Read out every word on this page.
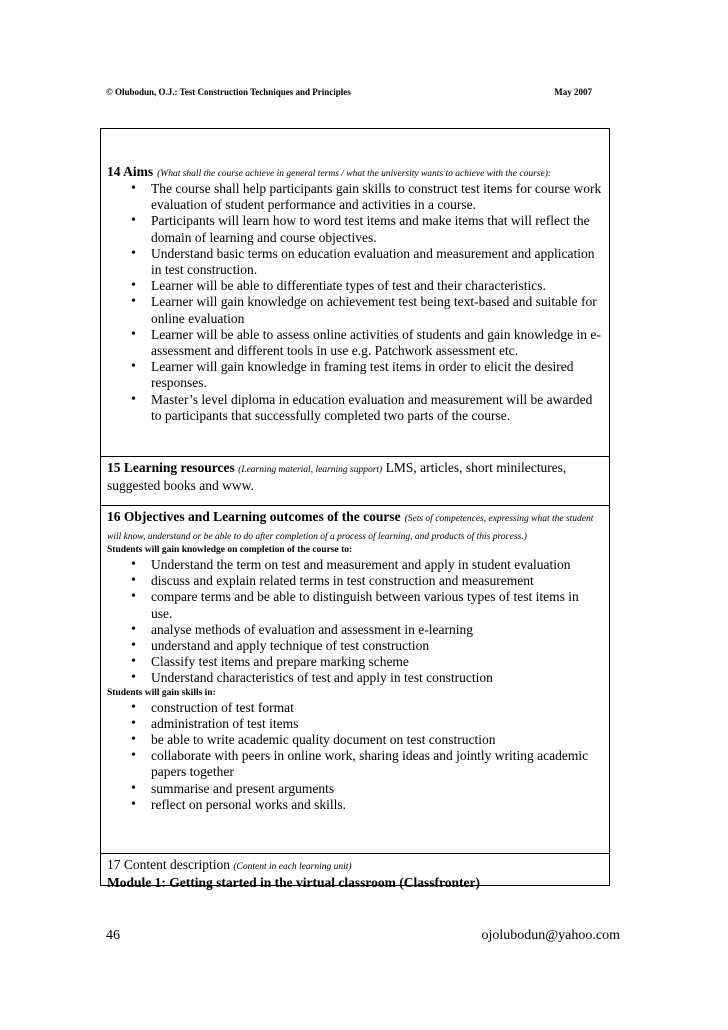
© Olubodun, O.J.: Test Construction Techniques and Principles	May 2007
14 Aims (What shall the course achieve in general terms / what the university wants to achieve with the course):
• The course shall help participants gain skills to construct test items for course work evaluation of student performance and activities in a course.
• Participants will learn how to word test items and make items that will reflect the domain of learning and course objectives.
• Understand basic terms on education evaluation and measurement and application in test construction.
• Learner will be able to differentiate types of test and their characteristics.
• Learner will gain knowledge on achievement test being text-based and suitable for online evaluation
• Learner will be able to assess online activities of students and gain knowledge in e-assessment and different tools in use e.g. Patchwork assessment etc.
• Learner will gain knowledge in framing test items in order to elicit the desired responses.
• Master’s level diploma in education evaluation and measurement will be awarded to participants that successfully completed two parts of the course.
15 Learning resources (Learning material, learning support) LMS, articles, short minilectures, suggested books and www.
16 Objectives and Learning outcomes of the course (Sets of competences, expressing what the student will know, understand or be able to do after completion of a process of learning, and products of this process.)
Students will gain knowledge on completion of the course to:
• Understand the term on test and measurement and apply in student evaluation
• discuss and explain related terms in test construction and measurement
• compare terms and be able to distinguish between various types of test items in use.
• analyse methods of evaluation and assessment in e-learning
• understand and apply technique of test construction
• Classify test items and prepare marking scheme
• Understand characteristics of test and apply in test construction
Students will gain skills in:
• construction of test format
• administration of test items
• be able to write academic quality document on test construction
• collaborate with peers in online work, sharing ideas and jointly writing academic papers together
• summarise and present arguments
• reflect on personal works and skills.
17 Content description (Content in each learning unit)
Module 1: Getting started in the virtual classroom (Classfronter)
46	ojolubodun@yahoo.com
